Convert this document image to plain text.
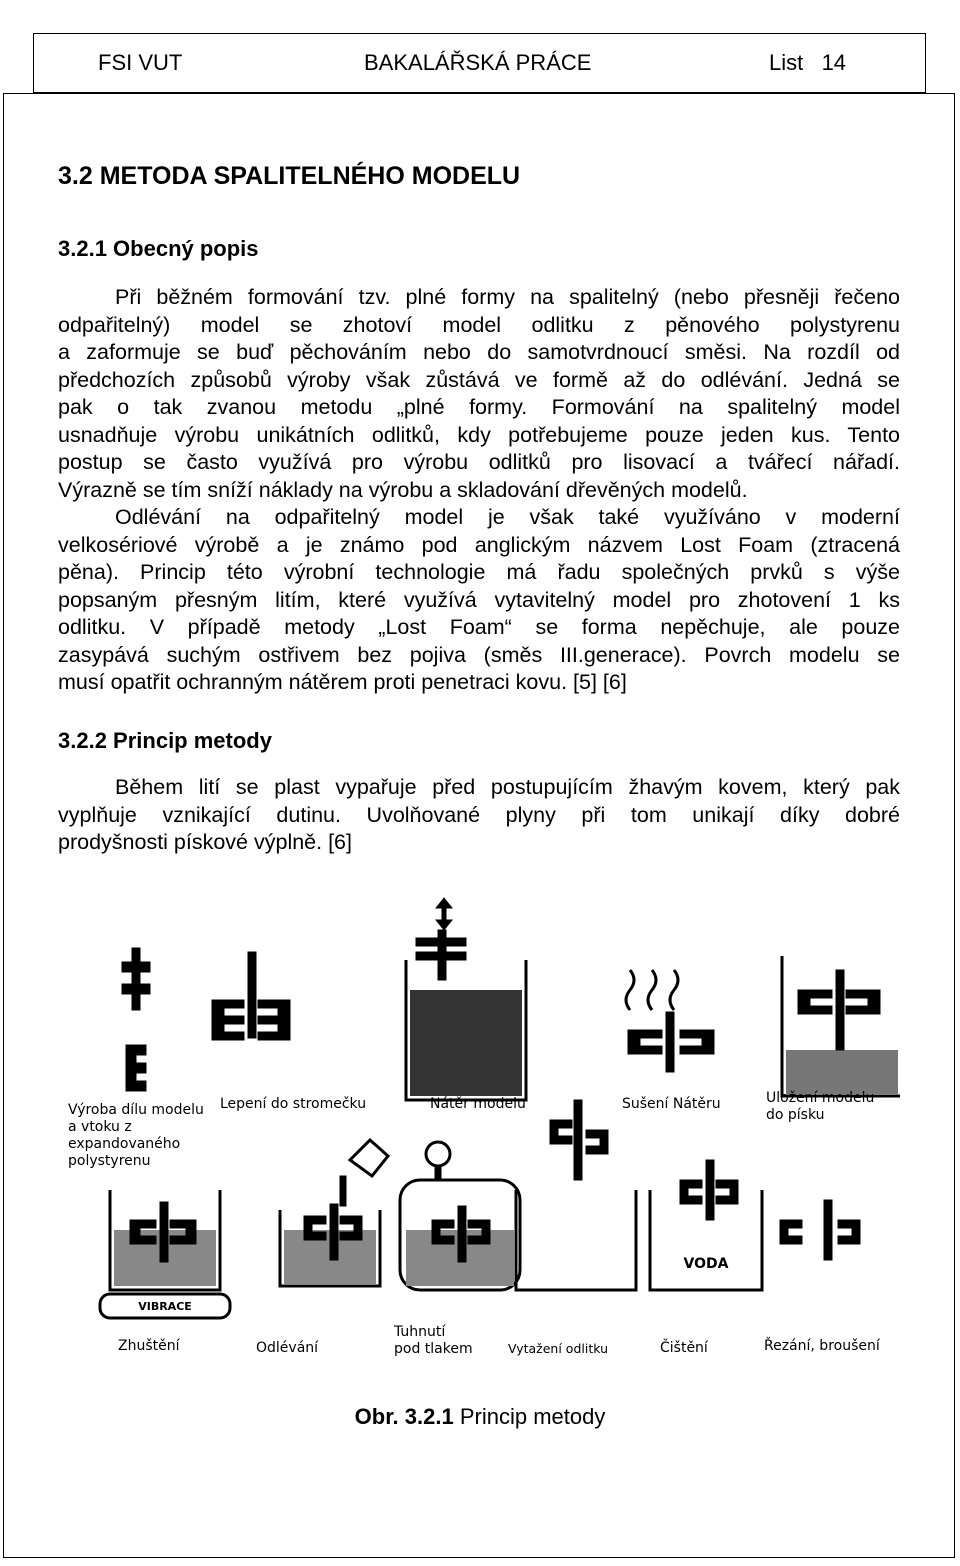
FSI VUT	BAKALÁŘSKÁ PRÁCE	List   14
3.2 METODA SPALITELNÉHO MODELU
3.2.1 Obecný popis

Při běžném formování tzv. plné formy na spalitelný (nebo přesněji řečeno
odpařitelný) model se zhotoví model odlitku z pěnového polystyrenu
a zaformuje se buď pěchováním nebo do samotvrdnoucí směsi. Na rozdíl od
předchozích způsobů výroby však zůstává ve formě až do odlévání. Jedná se
pak o tak zvanou metodu „plné formy. Formování na spalitelný model
usnadňuje výrobu unikátních odlitků, kdy potřebujeme pouze jeden kus. Tento
postup se často využívá pro výrobu odlitků pro lisovací a tvářecí nářadí.
Výrazně se tím sníží náklady na výrobu a skladování dřevěných modelů.
Odlévání na odpařitelný model je však také využíváno v moderní
velkosériové výrobě a je známo pod anglickým názvem Lost Foam (ztracená
pěna). Princip této výrobní technologie má řadu společných prvků s výše
popsaným přesným litím, které využívá vytavitelný model pro zhotovení 1 ks
odlitku. V případě metody „Lost Foam“ se forma nepěchuje, ale pouze
zasypává suchým ostřivem bez pojiva (směs III.generace). Povrch modelu se
musí opatřit ochranným nátěrem proti penetraci kovu. [5] [6]

3.2.2 Princip metody

Během lití se plast vypařuje před postupujícím žhavým kovem, který pak
vyplňuje vznikající dutinu. Uvolňované plyny při tom unikají díky dobré
prodyšnosti pískové výplně. [6]

VIBRACE
VODA
Výroba dílu modelu
a vtoku z
expandovaného
polystyrenu
Lepení do stromečku	Nátěr modelu	Sušení Nátěru	Uložení modelu
do písku
Zhuštění	Odlévání
Tuhnutí
pod tlakem	Vytažení odlitku	Čištění	Řezání, broušení
Obr. 3.2.1 Princip metody
